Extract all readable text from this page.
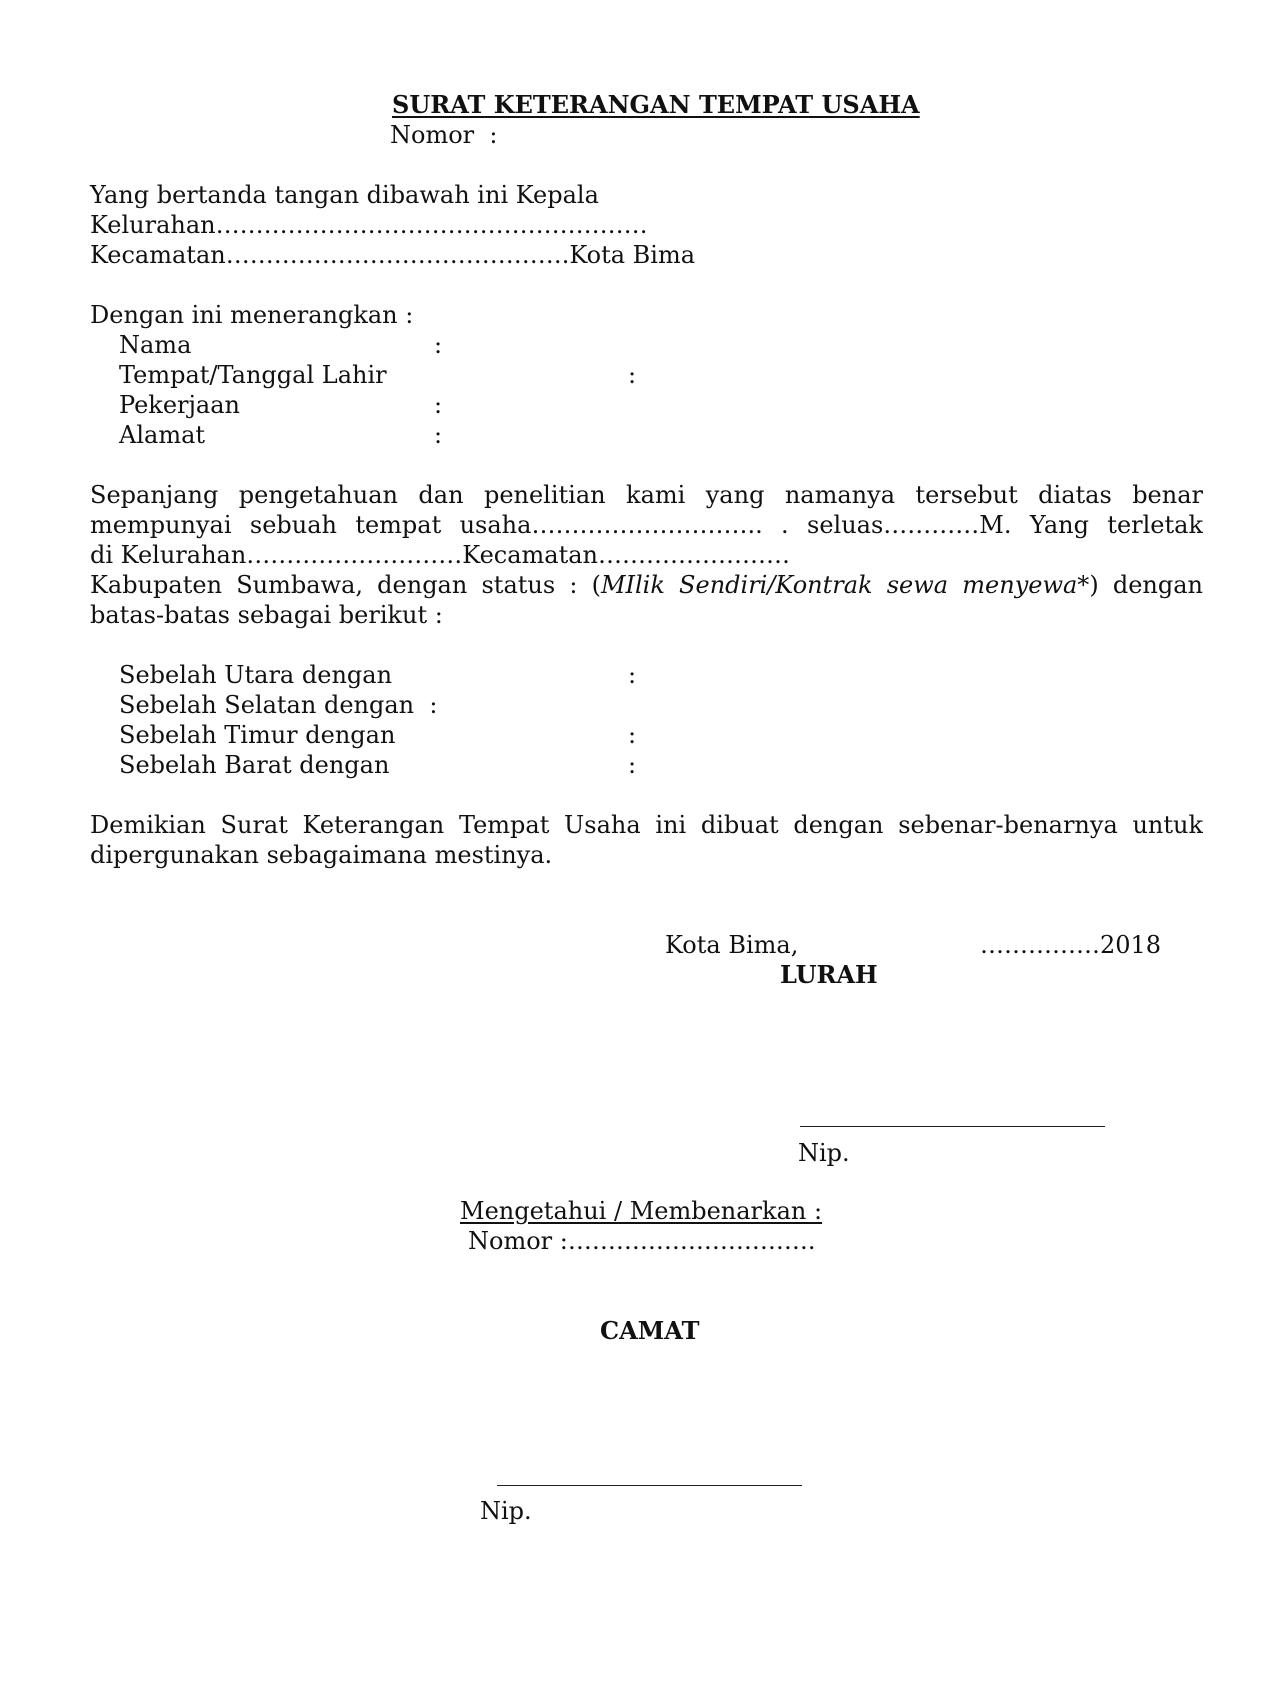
SURAT KETERANGAN TEMPAT USAHA
Nomor  :
Yang bertanda tangan dibawah ini Kepala
Kelurahan………………………………………………
Kecamatan…………………………………….Kota Bima
Dengan ini menerangkan :
Nama	:
Tempat/Tanggal Lahir	:
Pekerjaan	:
Alamat	:
Sepanjang pengetahuan dan penelitian kami yang namanya tersebut diatas benar
mempunyai sebuah tempat usaha……………………….. . seluas…………M. Yang terletak
di Kelurahan………………………Kecamatan……………………
Kabupaten Sumbawa, dengan status : (MIlik Sendiri/Kontrak sewa menyewa*) dengan
batas-batas sebagai berikut :
Sebelah Utara dengan	:
Sebelah Selatan dengan  :
Sebelah Timur dengan	:
Sebelah Barat dengan	:
Demikian Surat Keterangan Tempat Usaha ini dibuat dengan sebenar-benarnya untuk
dipergunakan sebagaimana mestinya.
Kota Bima,	……………2018
LURAH
Nip.
Mengetahui / Membenarkan :
Nomor :………………………….
CAMAT
Nip.
